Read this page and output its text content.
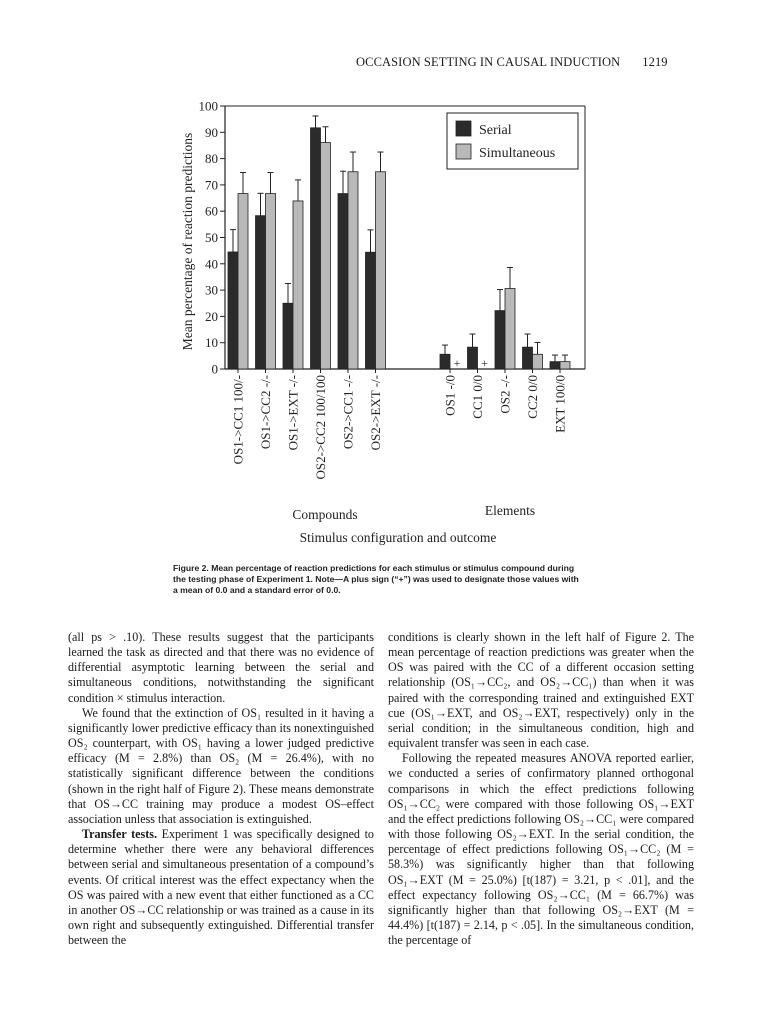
OCCASION SETTING IN CAUSAL INDUCTION 1219
0
10
20
30
40
50
60
70
80
90
100
+ +
OS1->CC1 100/- OS1->CC2 -/- OS1->EXT -/- OS2->CC2 100/100 OS2->CC1 -/- OS2->EXT -/-	OS1 -/0 CC1 0/0 OS2 -/- CC2 0/0 EXT 100/0
Serial
Simultaneous
Mean percentage of reaction predictions
Compounds	Elements
Stimulus configuration and outcome
Figure 2. Mean percentage of reaction predictions for each stimulus or stimulus compound during the testing phase of Experiment 1. Note—A plus sign (“+”) was used to designate those values with a mean of 0.0 and a standard error of 0.0.

(all ps > .10). These results suggest that the participants learned the task as directed and that there was no evidence of differential asymptotic learning between the serial and simultaneous conditions, notwithstanding the significant condition × stimulus interaction.

We found that the extinction of OS₁ resulted in it having a significantly lower predictive efficacy than its nonextinguished OS₂ counterpart, with OS₁ having a lower judged predictive efficacy (M = 2.8%) than OS₂ (M = 26.4%), with no statistically significant difference between the conditions (shown in the right half of Figure 2). These means demonstrate that OS→CC training may produce a modest OS–effect association unless that association is extinguished.

Transfer tests. Experiment 1 was specifically designed to determine whether there were any behavioral differences between serial and simultaneous presentation of a compound’s events. Of critical interest was the effect expectancy when the OS was paired with a new event that either functioned as a CC in another OS→CC relationship or was trained as a cause in its own right and subsequently extinguished. Differential transfer between the

conditions is clearly shown in the left half of Figure 2. The mean percentage of reaction predictions was greater when the OS was paired with the CC of a different occasion setting relationship (OS₁→CC₂, and OS₂→CC₁) than when it was paired with the corresponding trained and extinguished EXT cue (OS₁→EXT, and OS₂→EXT, respectively) only in the serial condition; in the simultaneous condition, high and equivalent transfer was seen in each case.

Following the repeated measures ANOVA reported earlier, we conducted a series of confirmatory planned orthogonal comparisons in which the effect predictions following OS₁→CC₂ were compared with those following OS₁→EXT and the effect predictions following OS₂→CC₁ were compared with those following OS₂→EXT. In the serial condition, the percentage of effect predictions following OS₁→CC₂ (M = 58.3%) was significantly higher than that following OS₁→EXT (M = 25.0%) [t(187) = 3.21, p < .01], and the effect expectancy following OS₂→CC₁ (M = 66.7%) was significantly higher than that following OS₂→EXT (M = 44.4%) [t(187) = 2.14, p < .05]. In the simultaneous condition, the percentage of
